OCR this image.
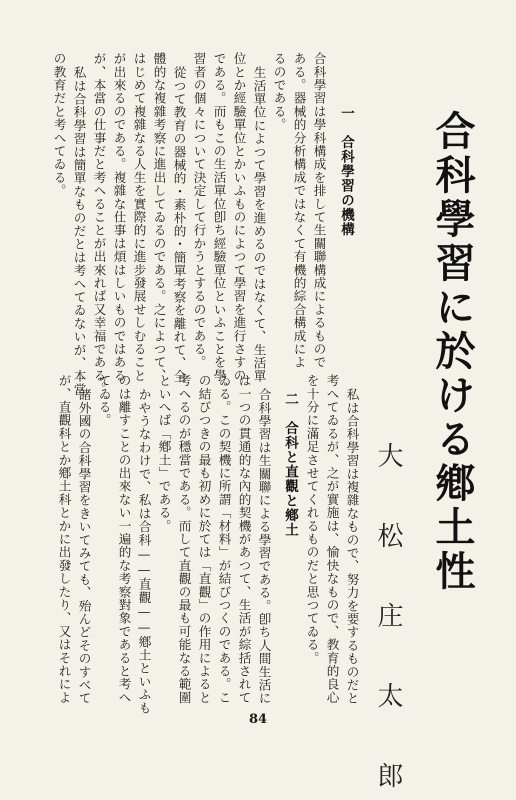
合科學習に於ける鄕土性
大 松 庄 太 郎
一　合科學習の機構
合科學習は學科構成を排して生關聯構成によるもので
ある。器械的分析構成ではなくて有機的綜合構成によ
るのである。
生活單位によつて學習を進めるのではなくて、生活單
位とか經驗單位とかいふものによつて學習を進行さすの
である。而もこの生活單位卽ち經驗單位といふことを學
習者の個々について決定して行かうとするのである。
從つて教育の器械的・素朴的・簡單考察を離れて、全
體的な複雜考察に進出してゐるのである。之によつて、
はじめて複雜なる人生を實際的に進步發展せしむること
が出來るのである。複雜な仕事は煩はしいものではある
が、本當の仕事だと考へることが出來れば又幸福である。
私は合科學習は簡單なものだとは考へてゐないが、本當
の教育だと考へてゐる。
私は合科學習は複雜なもので、努力を要するものだと
考へてゐるが、之が實施は、愉快なもので、教育的良心
を十分に滿足させてくれるものだと思つてゐる。
二　合科と直觀と鄕土
合科學習は生關聯による學習である。卽ち人間生活に
は一つの貫通的な內的契機があつて、生活が綜括されて
ゐる。この契機に所謂「材料」が結びつくのである。こ
の結びつきの最も初めに於ては「直觀」の作用によると
考へるのが穩當である。而して直觀の最も可能なる範圍
といへば「鄕土」である。
かやうなわけで、私は合科——直觀——鄕土といふも
のは離すことの出來ない一遍的な考察對象であると考へ
てゐる。
諸外國の合科學習をきいてみても、殆んどそのすべて
が、直觀科とか鄕土科とかに出發したり、又はそれによ
84
